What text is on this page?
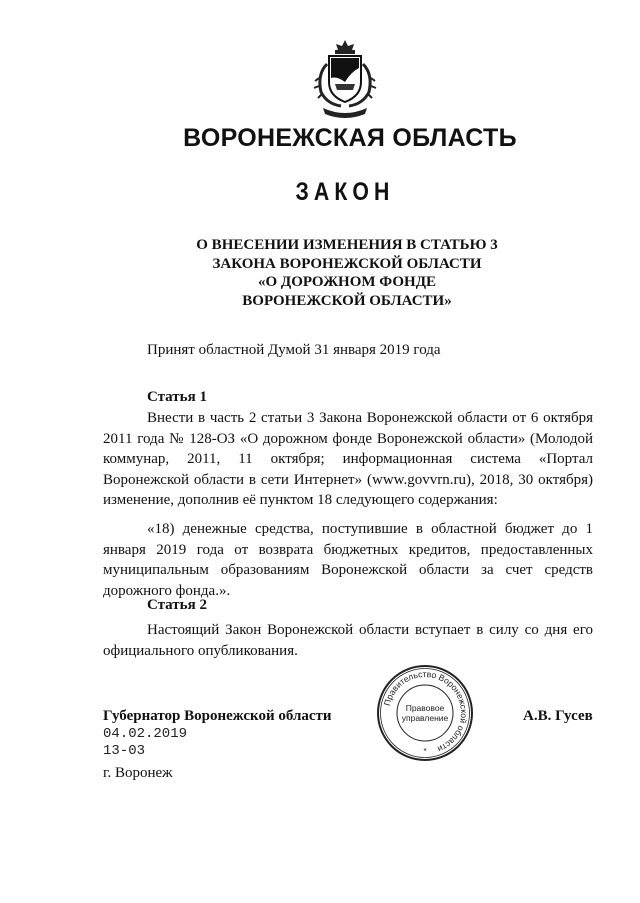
ВОРОНЕЖСКАЯ ОБЛАСТЬ
ЗАКОН
О ВНЕСЕНИИ ИЗМЕНЕНИЯ В СТАТЬЮ 3
ЗАКОНА ВОРОНЕЖСКОЙ ОБЛАСТИ
«О ДОРОЖНОМ ФОНДЕ
ВОРОНЕЖСКОЙ ОБЛАСТИ»
Принят областной Думой 31 января 2019 года
Статья 1
Внести в часть 2 статьи 3 Закона Воронежской области от 6 октября 2011 года № 128-ОЗ «О дорожном фонде Воронежской области» (Молодой коммунар, 2011, 11 октября; информационная система «Портал Воронежской области в сети Интернет» (www.govvrn.ru), 2018, 30 октября) изменение, дополнив её пунктом 18 следующего содержания:
«18) денежные средства, поступившие в областной бюджет до 1 января 2019 года от возврата бюджетных кредитов, предоставленных муниципальным образованиям Воронежской области за счет средств дорожного фонда.».
Статья 2
Настоящий Закон Воронежской области вступает в силу со дня его официального опубликования.
Губернатор Воронежской области	А.В. Гусев
04.02.2019
13-03
г. Воронеж
Правительство Воронежской области
Правовое
управление
*
